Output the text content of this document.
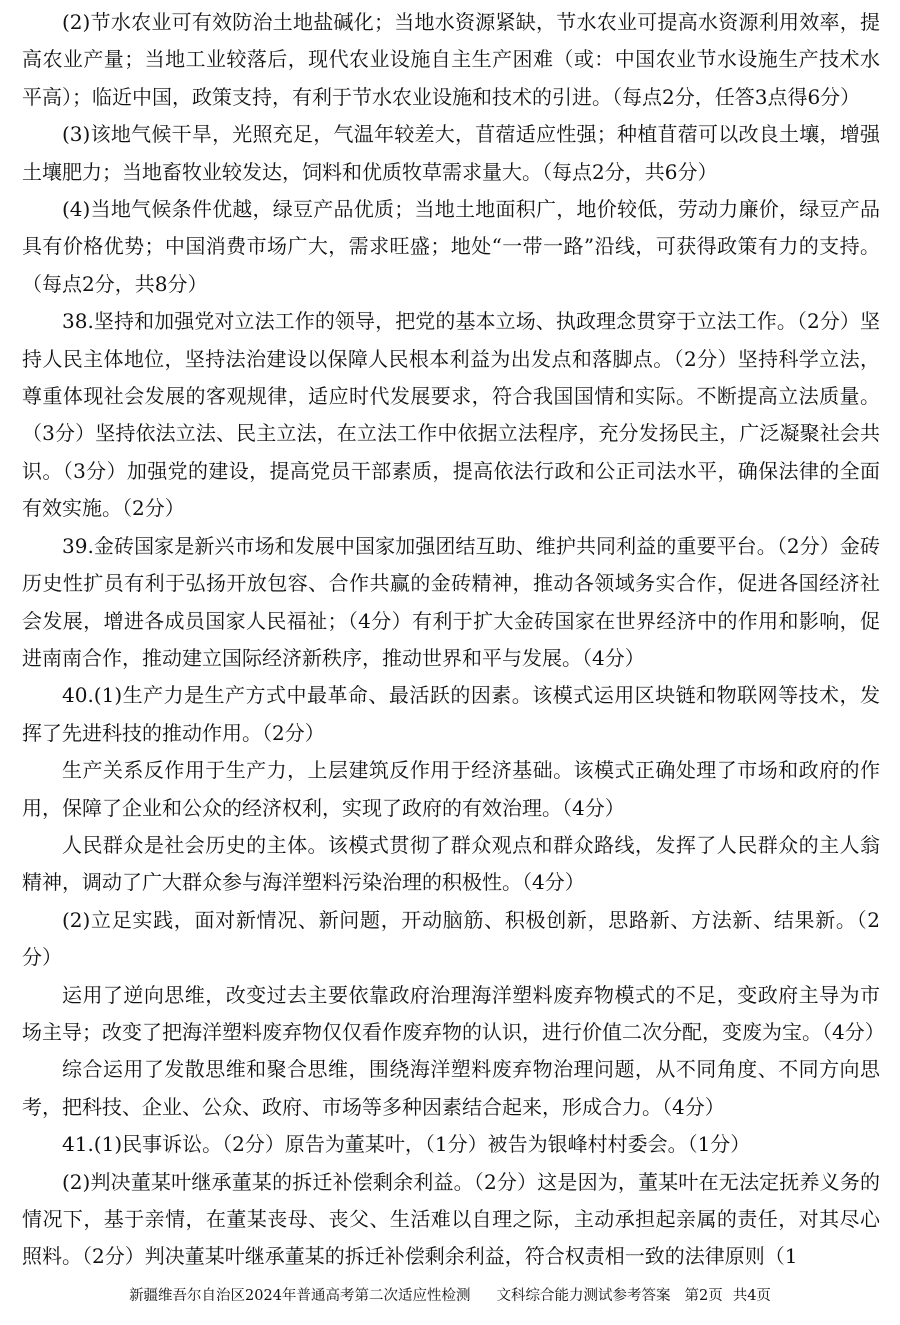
(2)节水农业可有效防治土地盐碱化；当地水资源紧缺，节水农业可提高水资源利用效率，提高农业产量；当地工业较落后，现代农业设施自主生产困难（或：中国农业节水设施生产技术水平高）；临近中国，政策支持，有利于节水农业设施和技术的引进。（每点2分，任答3点得6分）

(3)该地气候干旱，光照充足，气温年较差大，苜蓿适应性强；种植苜蓿可以改良土壤，增强土壤肥力；当地畜牧业较发达，饲料和优质牧草需求量大。（每点2分，共6分）

(4)当地气候条件优越，绿豆产品优质；当地土地面积广，地价较低，劳动力廉价，绿豆产品具有价格优势；中国消费市场广大，需求旺盛；地处“一带一路”沿线，可获得政策有力的支持。（每点2分，共8分）

38.坚持和加强党对立法工作的领导，把党的基本立场、执政理念贯穿于立法工作。（2分）坚持人民主体地位，坚持法治建设以保障人民根本利益为出发点和落脚点。（2分）坚持科学立法，尊重体现社会发展的客观规律，适应时代发展要求，符合我国国情和实际。不断提高立法质量。（3分）坚持依法立法、民主立法，在立法工作中依据立法程序，充分发扬民主，广泛凝聚社会共识。（3分）加强党的建设，提高党员干部素质，提高依法行政和公正司法水平，确保法律的全面有效实施。（2分）

39.金砖国家是新兴市场和发展中国家加强团结互助、维护共同利益的重要平台。（2分）金砖历史性扩员有利于弘扬开放包容、合作共赢的金砖精神，推动各领域务实合作，促进各国经济社会发展，增进各成员国家人民福祉；（4分）有利于扩大金砖国家在世界经济中的作用和影响，促进南南合作，推动建立国际经济新秩序，推动世界和平与发展。（4分）

40.(1)生产力是生产方式中最革命、最活跃的因素。该模式运用区块链和物联网等技术，发挥了先进科技的推动作用。（2分）

生产关系反作用于生产力，上层建筑反作用于经济基础。该模式正确处理了市场和政府的作用，保障了企业和公众的经济权利，实现了政府的有效治理。（4分）

人民群众是社会历史的主体。该模式贯彻了群众观点和群众路线，发挥了人民群众的主人翁精神，调动了广大群众参与海洋塑料污染治理的积极性。（4分）

(2)立足实践，面对新情况、新问题，开动脑筋、积极创新，思路新、方法新、结果新。（2分）

运用了逆向思维，改变过去主要依靠政府治理海洋塑料废弃物模式的不足，变政府主导为市场主导；改变了把海洋塑料废弃物仅仅看作废弃物的认识，进行价值二次分配，变废为宝。（4分）

综合运用了发散思维和聚合思维，围绕海洋塑料废弃物治理问题，从不同角度、不同方向思考，把科技、企业、公众、政府、市场等多种因素结合起来，形成合力。（4分）

41.(1)民事诉讼。（2分）原告为董某叶，（1分）被告为银峰村村委会。（1分）

(2)判决董某叶继承董某的拆迁补偿剩余利益。（2分）这是因为，董某叶在无法定抚养义务的情况下，基于亲情，在董某丧母、丧父、生活难以自理之际，主动承担起亲属的责任，对其尽心照料。（2分）判决董某叶继承董某的拆迁补偿剩余利益，符合权责相一致的法律原则（1

新疆维吾尔自治区2024年普通高考第二次适应性检测 文科综合能力测试参考答案 第2页 共4页
